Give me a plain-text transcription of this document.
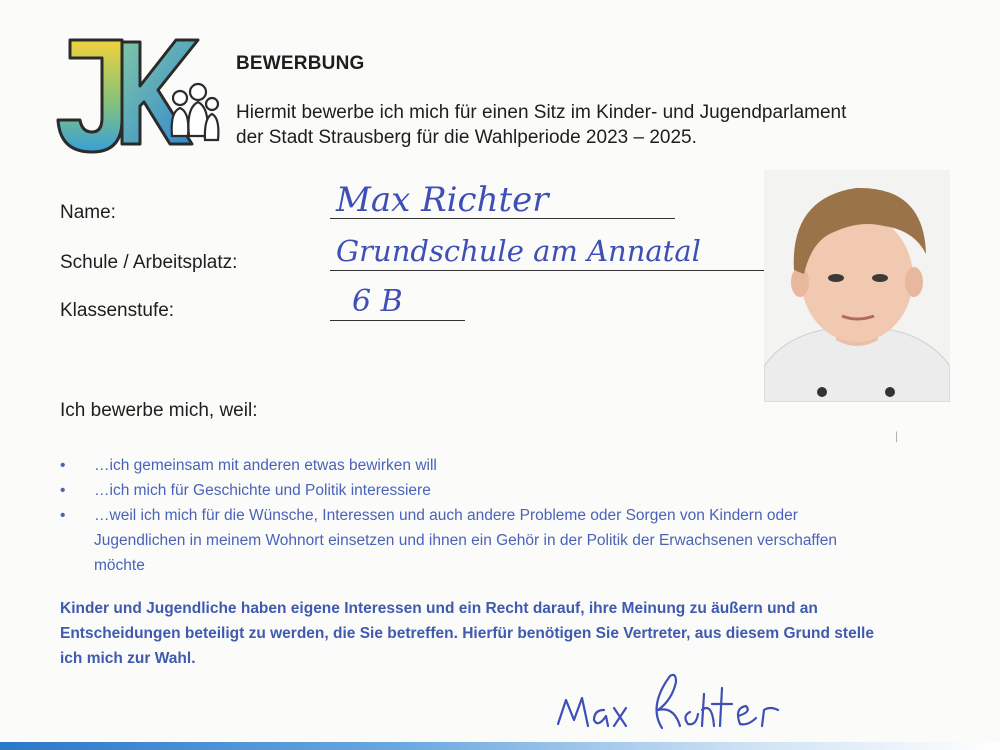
BEWERBUNG
Hiermit bewerbe ich mich für einen Sitz im Kinder- und Jugendparlament
der Stadt Strausberg für die Wahlperiode 2023 – 2025.
Name:	Max Richter
Schule / Arbeitsplatz:	Grundschule am Annatal
Klassenstufe:	6 B
Ich bewerbe mich, weil:
• …ich gemeinsam mit anderen etwas bewirken will
• …ich mich für Geschichte und Politik interessiere
• …weil ich mich für die Wünsche, Interessen und auch andere Probleme oder Sorgen von Kindern oder Jugendlichen in meinem Wohnort einsetzen und ihnen ein Gehör in der Politik der Erwachsenen verschaffen möchte
Kinder und Jugendliche haben eigene Interessen und ein Recht darauf, ihre Meinung zu äußern und an Entscheidungen beteiligt zu werden, die Sie betreffen. Hierfür benötigen Sie Vertreter, aus diesem Grund stelle ich mich zur Wahl.
ᛁ
